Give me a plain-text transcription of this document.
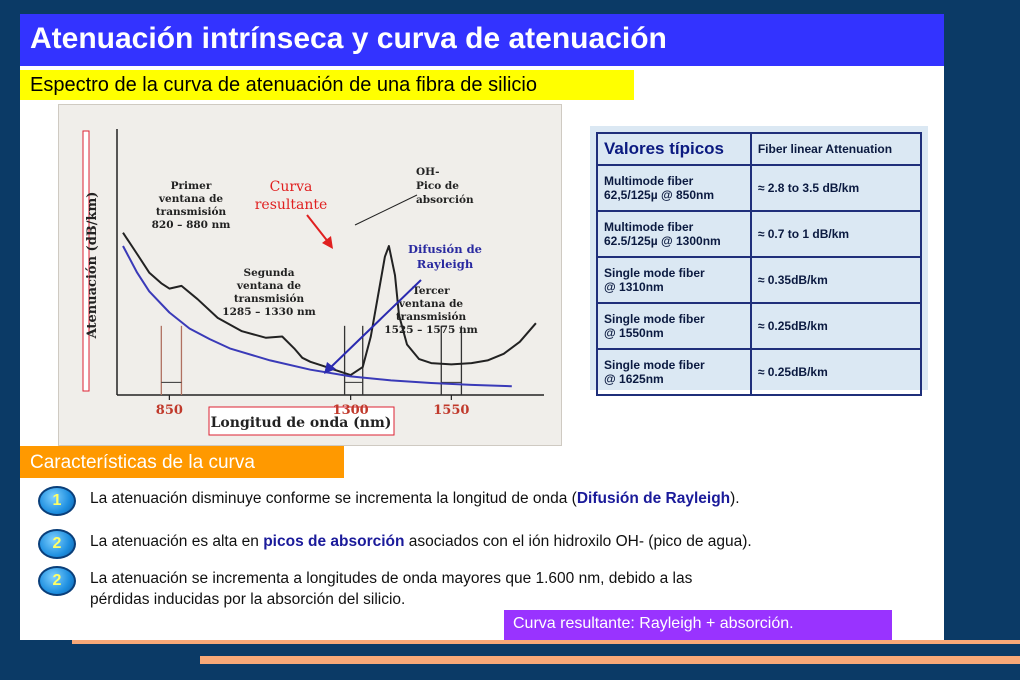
Atenuación intrínseca y curva de atenuación
Espectro de la curva de atenuación de una fibra de silicio
Atenuación (dB/km)
Longitud de onda (nm)
850	1300	1550
Primer
ventana de
transmisión
820 – 880 nm
Segunda
ventana de
transmisión
1285 – 1330 nm
Tercer
ventana de
transmisión
1525 – 1575 nm
Curva
resultante
OH-
Pico de
absorción
Difusión de
Rayleigh
Valores típicos	Fiber linear Attenuation
Multimode fiber
62,5/125µ @ 850nm	≈ 2.8 to 3.5 dB/km
Multimode fiber
62.5/125µ @ 1300nm	≈ 0.7 to 1 dB/km
Single mode fiber
@ 1310nm	≈ 0.35dB/km
Single mode fiber
@ 1550nm	≈ 0.25dB/km
Single mode fiber
@ 1625nm	≈ 0.25dB/km
Características de la curva
1	La atenuación disminuye conforme se incrementa la longitud de onda (Difusión de Rayleigh).
2	La atenuación es alta en picos de absorción asociados con el ión hidroxilo OH- (pico de agua).
2	La atenuación se incrementa a longitudes de onda mayores que 1.600 nm, debido a las
pérdidas inducidas por la absorción del silicio.
Curva resultante: Rayleigh + absorción.
